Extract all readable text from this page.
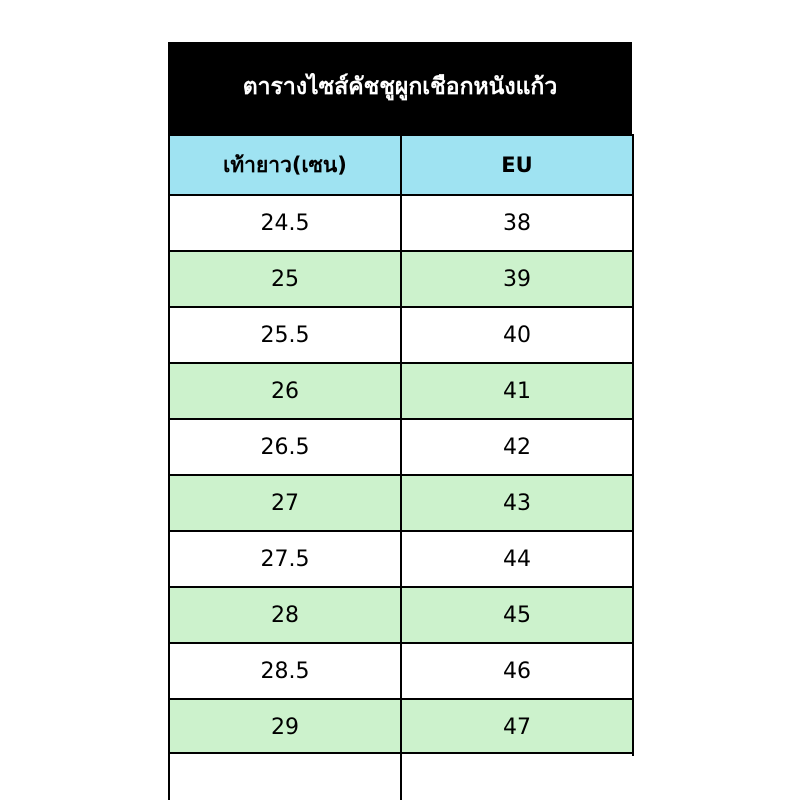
ตารางไซส์คัชชูผูกเชือกหนังแก้ว
เท้ายาว(เซน)	EU
24.5	38
25	39
25.5	40
26	41
26.5	42
27	43
27.5	44
28	45
28.5	46
29	47
